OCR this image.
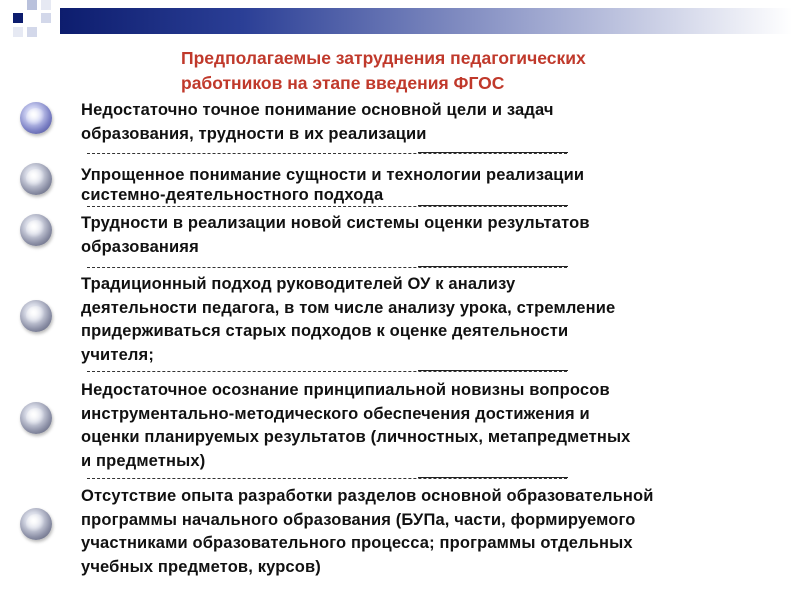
Предполагаемые затруднения педагогических
работников на этапе введения ФГОС

Недостаточно точное понимание основной цели и задач

образования, трудности в их реализации

Упрощенное понимание сущности и технологии реализации

системно-деятельностного подхода

Трудности в реализации новой системы оценки результатов

образованияя

Традиционный подход руководителей ОУ к анализу

деятельности педагога, в том числе анализу урока, стремление

придерживаться старых подходов к оценке деятельности

учителя;

Недостаточное осознание принципиальной новизны вопросов

инструментально-методического обеспечения достижения и

оценки планируемых результатов (личностных, метапредметных

и предметных)

Отсутствие опыта разработки разделов основной образовательной

программы начального образования (БУПа, части, формируемого

участниками образовательного процесса; программы отдельных

учебных предметов, курсов)
